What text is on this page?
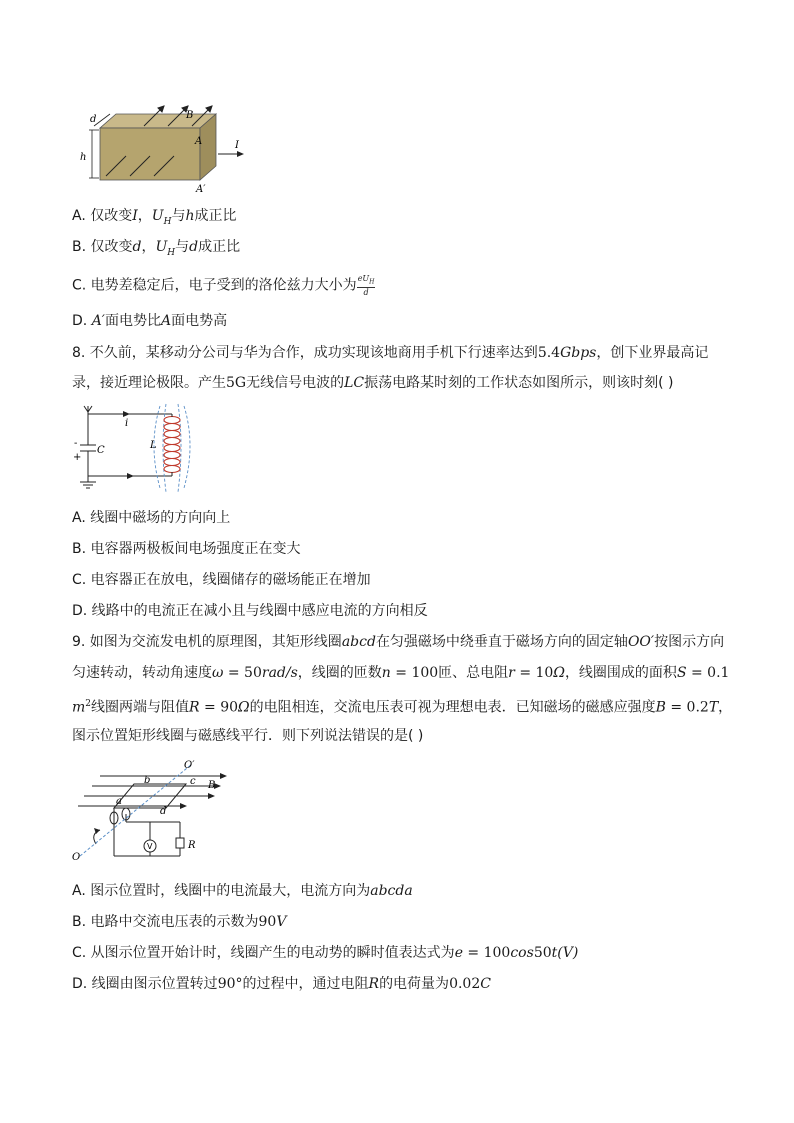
d	B
A
h
I
A′
A. 仅改变I，$U_H$与h成正比
B. 仅改变d，$U_H$与d成正比
C. 电势差稳定后，电子受到的洛伦兹力大小为 $\frac{eU_H}{d}$
D. A′面电势比A面电势高
8. 不久前，某移动分公司与华为合作，成功实现该地商用手机下行速率达到5.4Gbps，创下业界最高记
录，接近理论极限。产生5G无线信号电波的LC振荡电路某时刻的工作状态如图所示，则该时刻( )
i
C	L
-
+
A. 线圈中磁场的方向向上
B. 电容器两极板间电场强度正在变大
C. 电容器正在放电，线圈储存的磁场能正在增加
D. 线路中的电流正在减小且与线圈中感应电流的方向相反
9. 如图为交流发电机的原理图，其矩形线圈abcd在匀强磁场中绕垂直于磁场方向的固定轴OO′按图示方向
匀速转动，转动角速度ω = 50rad/s，线圈的匝数n = 100匝、总电阻r = 10Ω，线圈围成的面积S = 0.1
$m^2$线圈两端与阻值R = 90Ω的电阻相连，交流电压表可视为理想电表．已知磁场的磁感应强度B = 0.2T，
图示位置矩形线圈与磁感线平行．则下列说法错误的是( )
V
O′
b	c B
a
d
R
O
A. 图示位置时，线圈中的电流最大，电流方向为abcda
B. 电路中交流电压表的示数为90V
C. 从图示位置开始计时，线圈产生的电动势的瞬时值表达式为e = 100cos50t(V)
D. 线圈由图示位置转过90°的过程中，通过电阻R的电荷量为0.02C
